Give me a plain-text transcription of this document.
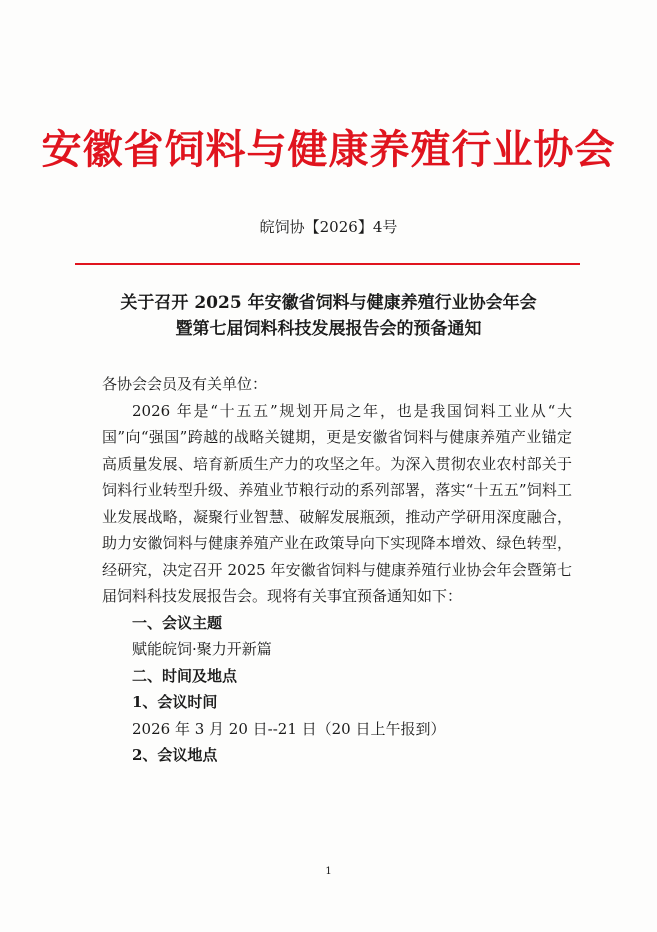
安徽省饲料与健康养殖行业协会
皖饲协【2026】4号
关于召开 2025 年安徽省饲料与健康养殖行业协会年会
暨第七届饲料科技发展报告会的预备通知
各协会会员及有关单位：
2026 年是“十五五”规划开局之年，也是我国饲料工业从“大国”向“强国”跨越的战略关键期，更是安徽省饲料与健康养殖产业锚定高质量发展、培育新质生产力的攻坚之年。为深入贯彻农业农村部关于饲料行业转型升级、养殖业节粮行动的系列部署，落实“十五五”饲料工业发展战略，凝聚行业智慧、破解发展瓶颈，推动产学研用深度融合，助力安徽饲料与健康养殖产业在政策导向下实现降本增效、绿色转型，经研究，决定召开 2025 年安徽省饲料与健康养殖行业协会年会暨第七届饲料科技发展报告会。现将有关事宜预备通知如下：
一、会议主题
赋能皖饲·聚力开新篇
二、时间及地点
1、会议时间
2026 年 3 月 20 日--21 日（20 日上午报到）
2、会议地点
1
